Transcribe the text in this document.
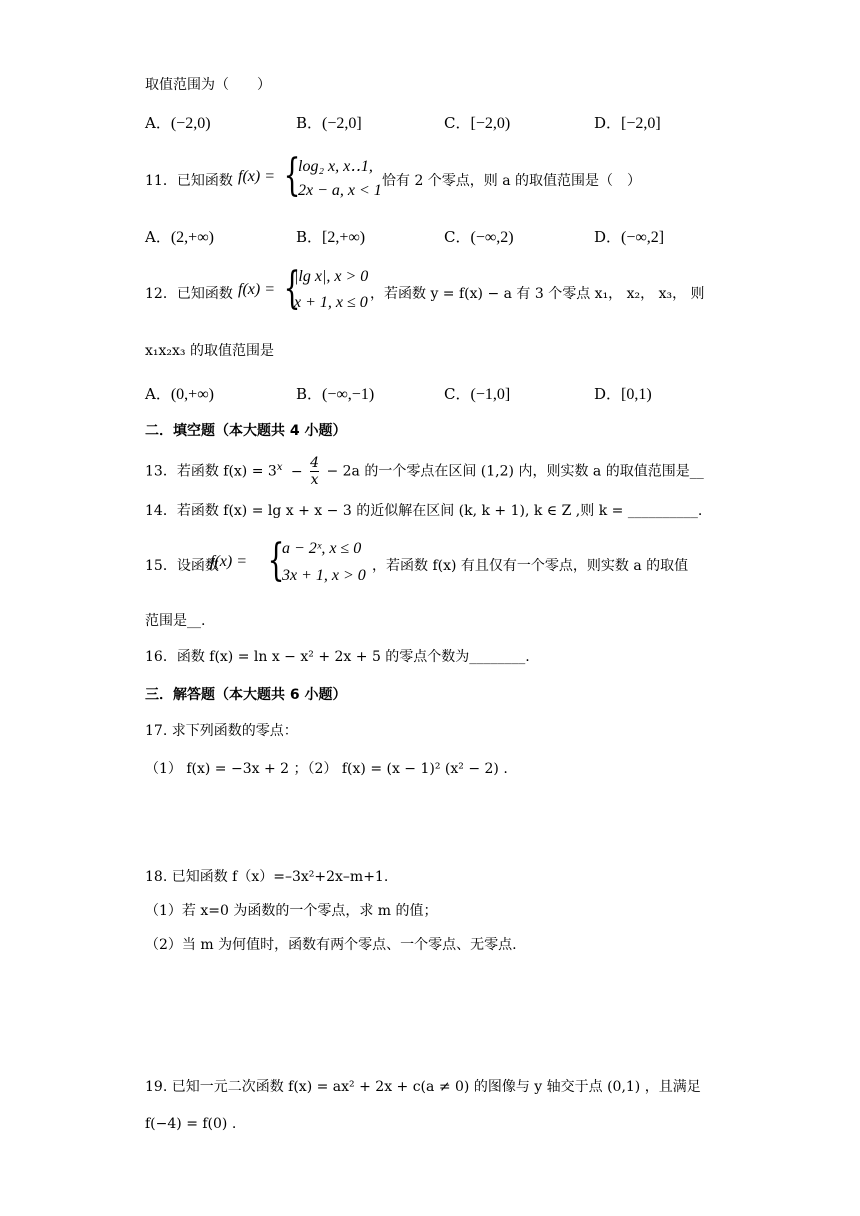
取值范围为（　　）
A．(−2,0)	B．(−2,0]	C．[−2,0)	D．[−2,0]
11．已知函数 f(x) = {
log₂ x, x‥1,
2x − a, x < 1
恰有 2 个零点，则 a 的取值范围是（　）
A．(2,+∞)	B．[2,+∞)	C．(−∞,2)	D．(−∞,2]
12．已知函数 f(x) = {
|lg x|, x > 0
x + 1, x ≤ 0 ，若函数 y = f(x) − a 有 3 个零点 x₁， x₂， x₃， 则
x₁x₂x₃ 的取值范围是
A．(0,+∞)	B．(−∞,−1)	C．(−1,0]	D．[0,1)
二．填空题（本大题共 4 小题）
13．若函数 $f(x) = 3^x - \frac{4}{x} - 2a$ 的一个零点在区间 (1,2) 内，则实数 a 的取值范围是__
14．若函数 f(x) = lg x + x − 3 的近似解在区间 (k, k + 1), k ∈ Z ,则 k = __________.
15．设函数
f(x) = {
a − 2ˣ, x ≤ 0
3x + 1, x > 0
，若函数 f(x) 有且仅有一个零点，则实数 a 的取值
范围是__.
16．函数 f(x) = ln x − x² + 2x + 5 的零点个数为________.
三．解答题（本大题共 6 小题）
17. 求下列函数的零点：
（1） f(x) = −3x + 2 ；（2） f(x) = (x − 1)² (x² − 2) .
18. 已知函数 f（x）=–3x²+2x–m+1.
（1）若 x=0 为函数的一个零点，求 m 的值；
（2）当 m 为何值时，函数有两个零点、一个零点、无零点.
19. 已知一元二次函数 f(x) = ax² + 2x + c(a ≠ 0) 的图像与 y 轴交于点 (0,1) ，且满足
f(−4) = f(0) .
